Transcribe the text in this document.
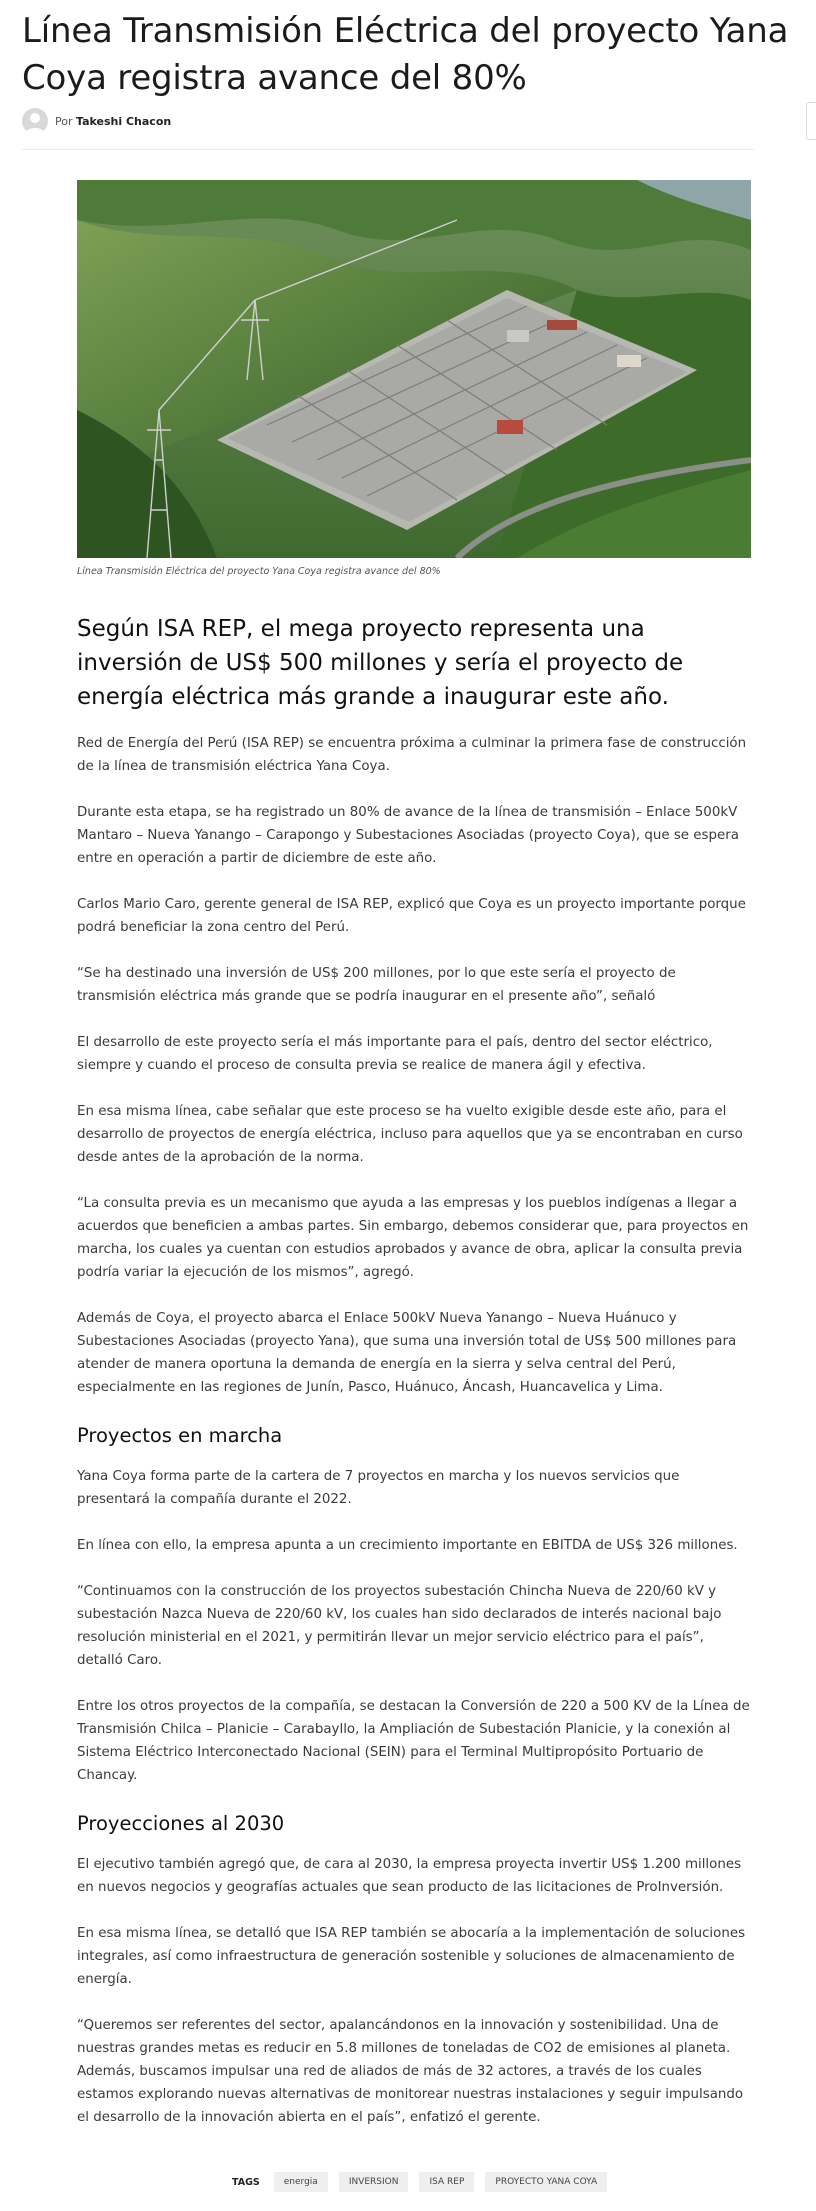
Línea Transmisión Eléctrica del proyecto Yana Coya registra avance del 80%
Por Takeshi Chacon
Línea Transmisión Eléctrica del proyecto Yana Coya registra avance del 80%
Según ISA REP, el mega proyecto representa una inversión de US$ 500 millones y sería el proyecto de energía eléctrica más grande a inaugurar este año.

Red de Energía del Perú (ISA REP) se encuentra próxima a culminar la primera fase de construcción de la línea de transmisión eléctrica Yana Coya.

Durante esta etapa, se ha registrado un 80% de avance de la línea de transmisión – Enlace 500kV Mantaro – Nueva Yanango – Carapongo y Subestaciones Asociadas (proyecto Coya), que se espera entre en operación a partir de diciembre de este año.

Carlos Mario Caro, gerente general de ISA REP, explicó que Coya es un proyecto importante porque podrá beneficiar la zona centro del Perú.

“Se ha destinado una inversión de US$ 200 millones, por lo que este sería el proyecto de transmisión eléctrica más grande que se podría inaugurar en el presente año”, señaló

El desarrollo de este proyecto sería el más importante para el país, dentro del sector eléctrico, siempre y cuando el proceso de consulta previa se realice de manera ágil y efectiva.

En esa misma línea, cabe señalar que este proceso se ha vuelto exigible desde este año, para el desarrollo de proyectos de energía eléctrica, incluso para aquellos que ya se encontraban en curso desde antes de la aprobación de la norma.

“La consulta previa es un mecanismo que ayuda a las empresas y los pueblos indígenas a llegar a acuerdos que beneficien a ambas partes. Sin embargo, debemos considerar que, para proyectos en marcha, los cuales ya cuentan con estudios aprobados y avance de obra, aplicar la consulta previa podría variar la ejecución de los mismos”, agregó.

Además de Coya, el proyecto abarca el Enlace 500kV Nueva Yanango – Nueva Huánuco y Subestaciones Asociadas (proyecto Yana), que suma una inversión total de US$ 500 millones para atender de manera oportuna la demanda de energía en la sierra y selva central del Perú, especialmente en las regiones de Junín, Pasco, Huánuco, Áncash, Huancavelica y Lima.

Proyectos en marcha

Yana Coya forma parte de la cartera de 7 proyectos en marcha y los nuevos servicios que presentará la compañía durante el 2022.

En línea con ello, la empresa apunta a un crecimiento importante en EBITDA de US$ 326 millones.

“Continuamos con la construcción de los proyectos subestación Chincha Nueva de 220/60 kV y subestación Nazca Nueva de 220/60 kV, los cuales han sido declarados de interés nacional bajo resolución ministerial en el 2021, y permitirán llevar un mejor servicio eléctrico para el país”, detalló Caro.

Entre los otros proyectos de la compañía, se destacan la Conversión de 220 a 500 KV de la Línea de Transmisión Chilca – Planicie – Carabayllo, la Ampliación de Subestación Planicie, y la conexión al Sistema Eléctrico Interconectado Nacional (SEIN) para el Terminal Multipropósito Portuario de Chancay.

Proyecciones al 2030

El ejecutivo también agregó que, de cara al 2030, la empresa proyecta invertir US$ 1.200 millones en nuevos negocios y geografías actuales que sean producto de las licitaciones de ProInversión.

En esa misma línea, se detalló que ISA REP también se abocaría a la implementación de soluciones integrales, así como infraestructura de generación sostenible y soluciones de almacenamiento de energía.

“Queremos ser referentes del sector, apalancándonos en la innovación y sostenibilidad. Una de nuestras grandes metas es reducir en 5.8 millones de toneladas de CO2 de emisiones al planeta. Además, buscamos impulsar una red de aliados de más de 32 actores, a través de los cuales estamos explorando nuevas alternativas de monitorear nuestras instalaciones y seguir impulsando el desarrollo de la innovación abierta en el país”, enfatizó el gerente.

TAGS	energia	INVERSION	ISA REP	PROYECTO YANA COYA
